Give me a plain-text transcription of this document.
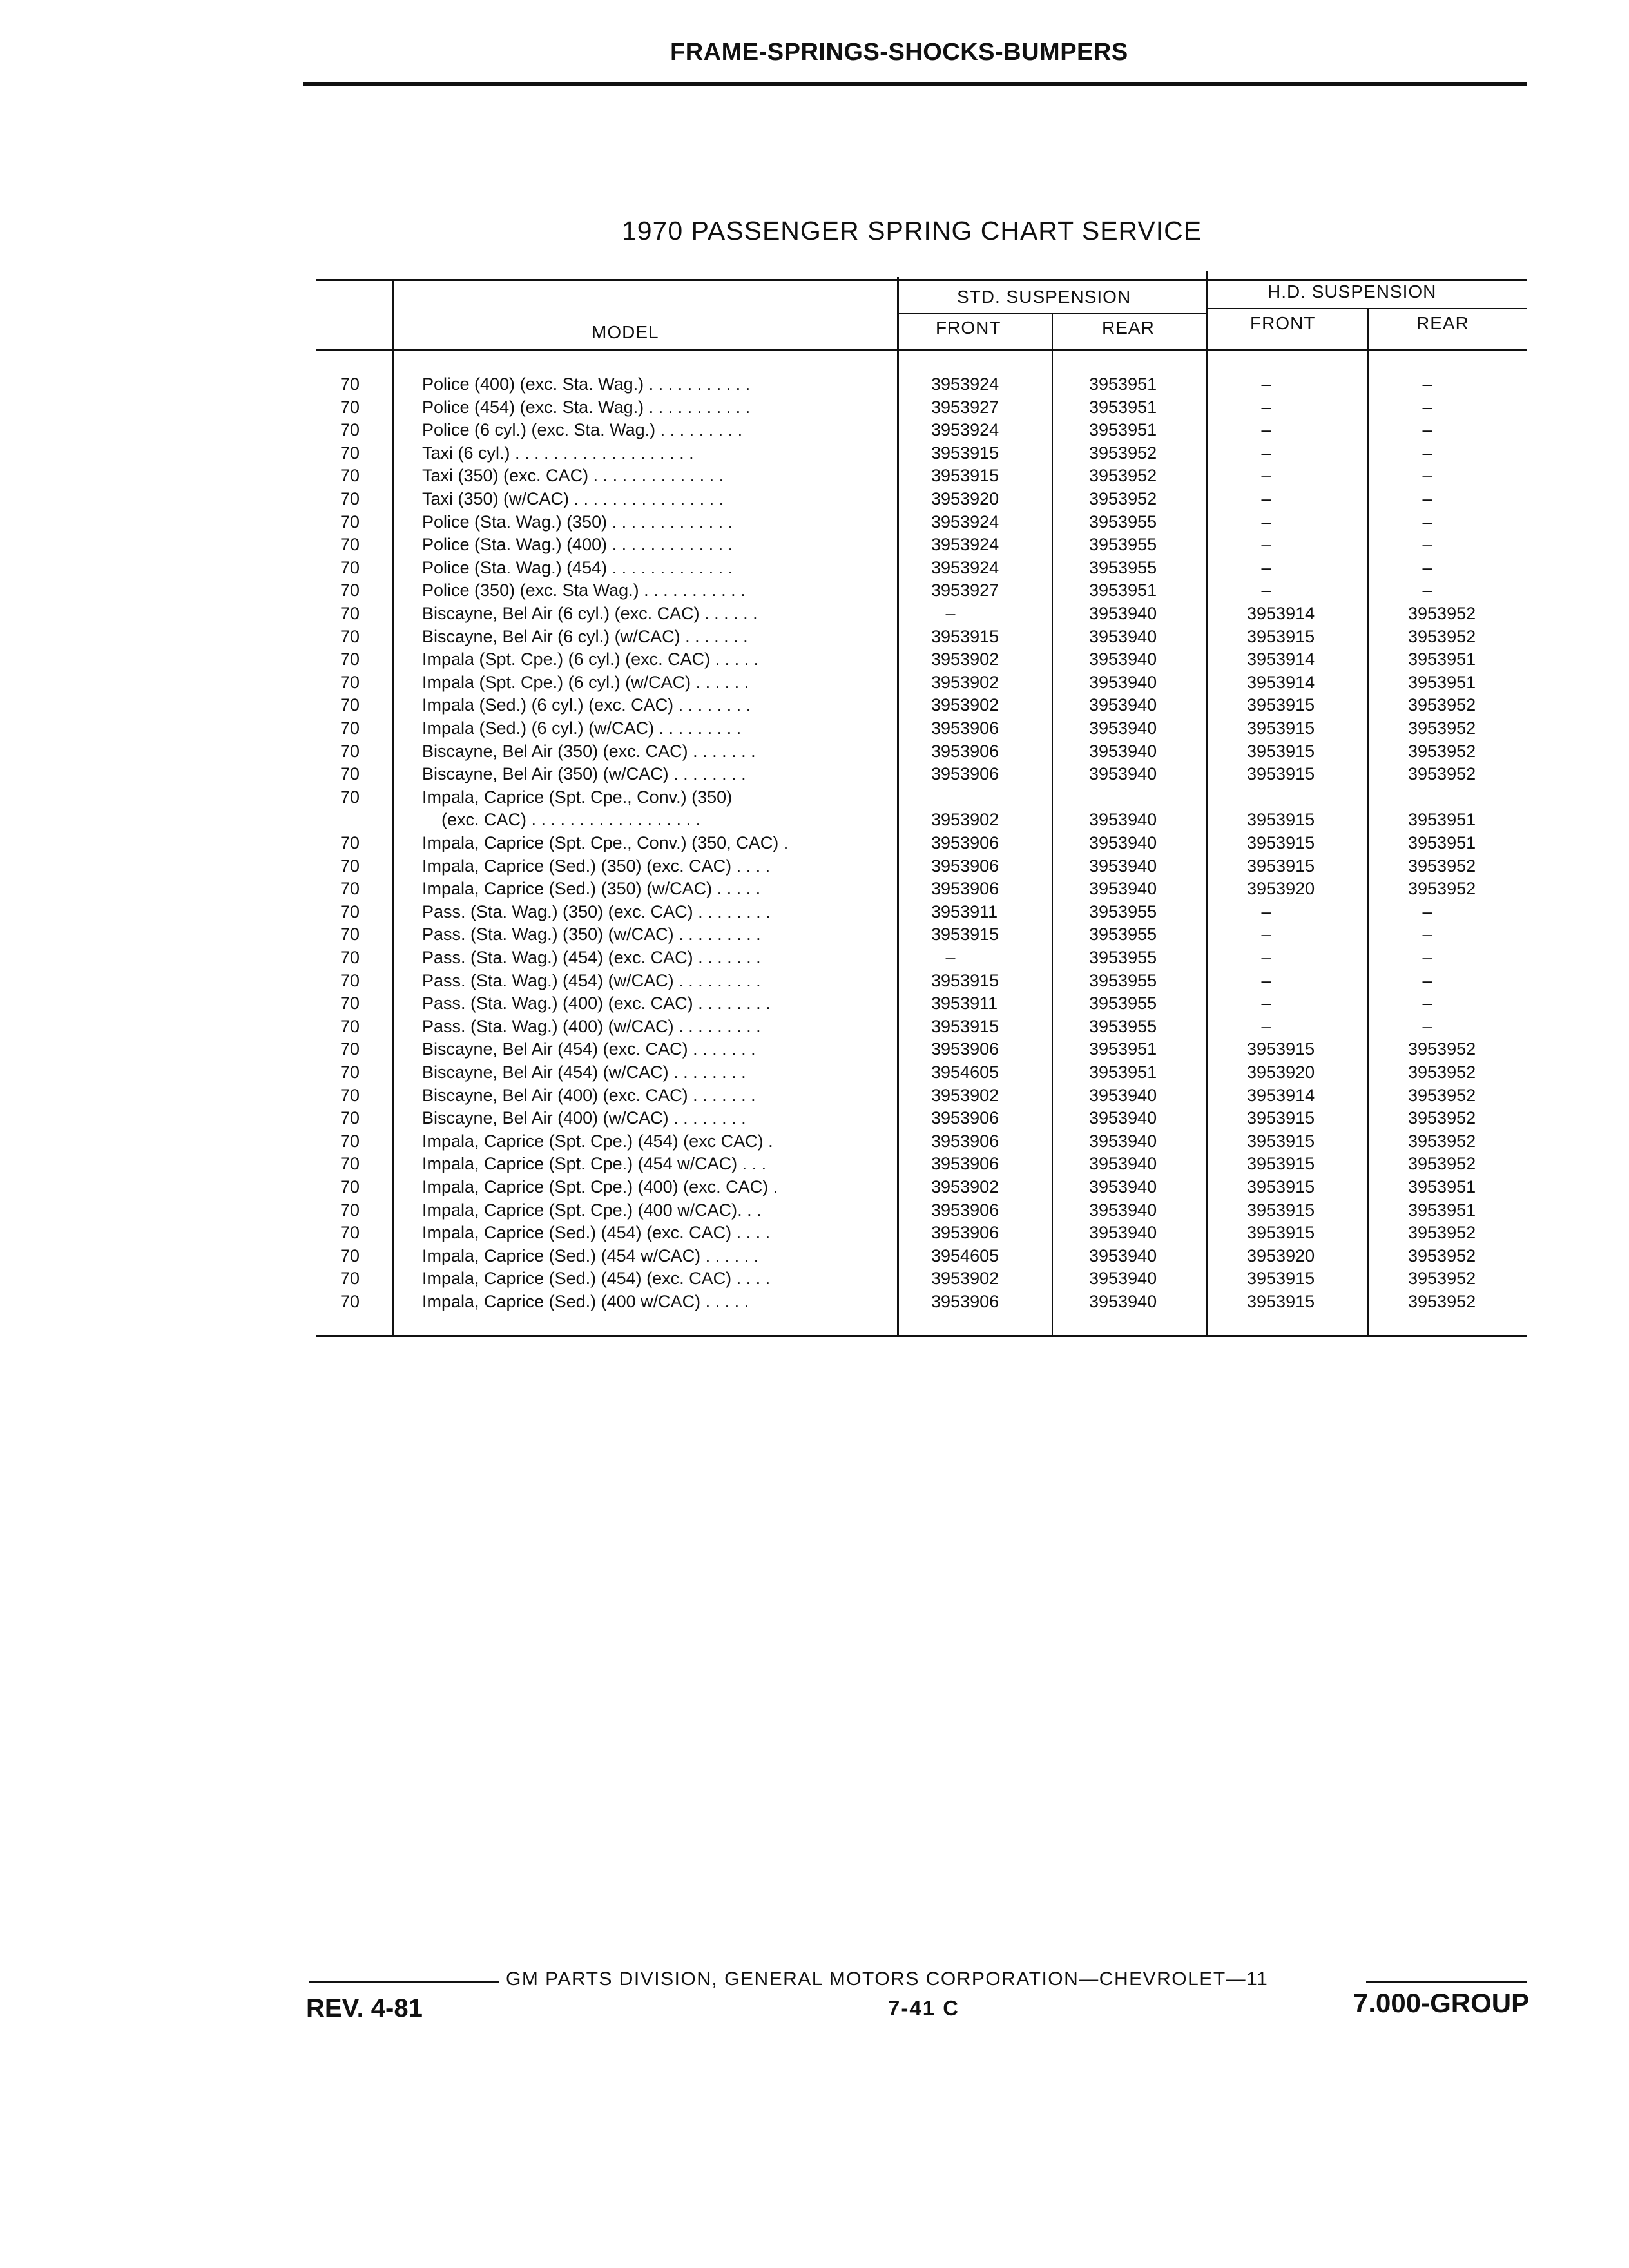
FRAME-SPRINGS-SHOCKS-BUMPERS
1970 PASSENGER SPRING CHART SERVICE
MODEL
STD. SUSPENSION	H.D. SUSPENSION
FRONT	REAR	FRONT	REAR
70	Police (400) (exc. Sta. Wag.) . . . . . . . . . . .	3953924	3953951	–	–
70	Police (454) (exc. Sta. Wag.) . . . . . . . . . . .	3953927	3953951	–	–
70	Police (6 cyl.) (exc. Sta. Wag.) . . . . . . . . .	3953924	3953951	–	–
70	Taxi (6 cyl.) . . . . . . . . . . . . . . . . . . .	3953915	3953952	–	–
70	Taxi (350) (exc. CAC) . . . . . . . . . . . . . .	3953915	3953952	–	–
70	Taxi (350) (w/CAC) . . . . . . . . . . . . . . . .	3953920	3953952	–	–
70	Police (Sta. Wag.) (350) . . . . . . . . . . . . .	3953924	3953955	–	–
70	Police (Sta. Wag.) (400) . . . . . . . . . . . . .	3953924	3953955	–	–
70	Police (Sta. Wag.) (454) . . . . . . . . . . . . .	3953924	3953955	–	–
70	Police (350) (exc. Sta Wag.) . . . . . . . . . . .	3953927	3953951	–	–
70	Biscayne, Bel Air (6 cyl.) (exc. CAC) . . . . . .	–	3953940	3953914	3953952
70	Biscayne, Bel Air (6 cyl.) (w/CAC) . . . . . . .	3953915	3953940	3953915	3953952
70	Impala (Spt. Cpe.) (6 cyl.) (exc. CAC) . . . . .	3953902	3953940	3953914	3953951
70	Impala (Spt. Cpe.) (6 cyl.) (w/CAC) . . . . . .	3953902	3953940	3953914	3953951
70	Impala (Sed.) (6 cyl.) (exc. CAC) . . . . . . . .	3953902	3953940	3953915	3953952
70	Impala (Sed.) (6 cyl.) (w/CAC) . . . . . . . . .	3953906	3953940	3953915	3953952
70	Biscayne, Bel Air (350) (exc. CAC) . . . . . . .	3953906	3953940	3953915	3953952
70	Biscayne, Bel Air (350) (w/CAC) . . . . . . . .	3953906	3953940	3953915	3953952
70	Impala, Caprice (Spt. Cpe., Conv.) (350)
(exc. CAC) . . . . . . . . . . . . . . . . . .	3953902	3953940	3953915	3953951
70	Impala, Caprice (Spt. Cpe., Conv.) (350, CAC) .	3953906	3953940	3953915	3953951
70	Impala, Caprice (Sed.) (350) (exc. CAC) . . . .	3953906	3953940	3953915	3953952
70	Impala, Caprice (Sed.) (350) (w/CAC) . . . . .	3953906	3953940	3953920	3953952
70	Pass. (Sta. Wag.) (350) (exc. CAC) . . . . . . . .	3953911	3953955	–	–
70	Pass. (Sta. Wag.) (350) (w/CAC) . . . . . . . . .	3953915	3953955	–	–
70	Pass. (Sta. Wag.) (454) (exc. CAC) . . . . . . .	–	3953955	–	–
70	Pass. (Sta. Wag.) (454) (w/CAC) . . . . . . . . .	3953915	3953955	–	–
70	Pass. (Sta. Wag.) (400) (exc. CAC) . . . . . . . .	3953911	3953955	–	–
70	Pass. (Sta. Wag.) (400) (w/CAC) . . . . . . . . .	3953915	3953955	–	–
70	Biscayne, Bel Air (454) (exc. CAC) . . . . . . .	3953906	3953951	3953915	3953952
70	Biscayne, Bel Air (454) (w/CAC) . . . . . . . .	3954605	3953951	3953920	3953952
70	Biscayne, Bel Air (400) (exc. CAC) . . . . . . .	3953902	3953940	3953914	3953952
70	Biscayne, Bel Air (400) (w/CAC) . . . . . . . .	3953906	3953940	3953915	3953952
70	Impala, Caprice (Spt. Cpe.) (454) (exc CAC) .	3953906	3953940	3953915	3953952
70	Impala, Caprice (Spt. Cpe.) (454 w/CAC) . . .	3953906	3953940	3953915	3953952
70	Impala, Caprice (Spt. Cpe.) (400) (exc. CAC) .	3953902	3953940	3953915	3953951
70	Impala, Caprice (Spt. Cpe.) (400 w/CAC). . .	3953906	3953940	3953915	3953951
70	Impala, Caprice (Sed.) (454) (exc. CAC) . . . .	3953906	3953940	3953915	3953952
70	Impala, Caprice (Sed.) (454 w/CAC) . . . . . .	3954605	3953940	3953920	3953952
70	Impala, Caprice (Sed.) (454) (exc. CAC) . . . .	3953902	3953940	3953915	3953952
70	Impala, Caprice (Sed.) (400 w/CAC) . . . . .	3953906	3953940	3953915	3953952
GM PARTS DIVISION, GENERAL MOTORS CORPORATION—CHEVROLET—11
REV. 4-81	7-41 C	7.000-GROUP
